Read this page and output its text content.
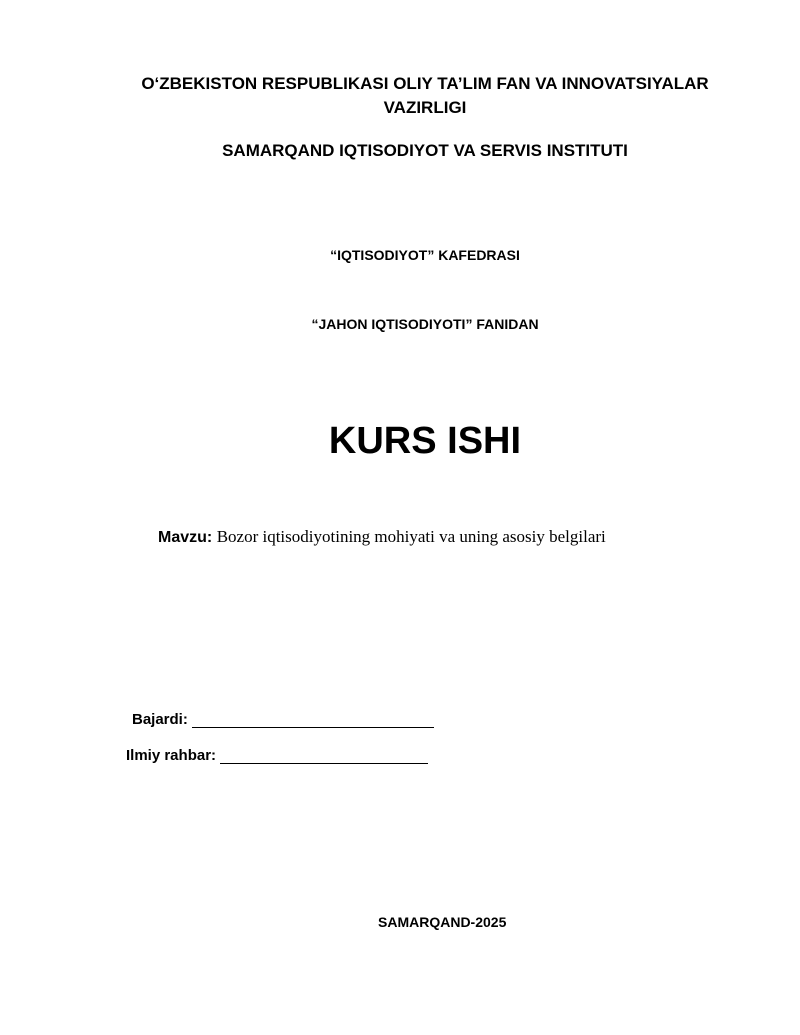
O‘ZBEKISTON RESPUBLIKASI OLIY TA’LIM FAN VA INNOVATSIYALAR VAZIRLIGI
SAMARQAND IQTISODIYOT VA SERVIS INSTITUTI
“IQTISODIYOT” KAFEDRASI
“JAHON IQTISODIYOTI” FANIDAN
KURS ISHI
Mavzu: Bozor iqtisodiyotining mohiyati va uning asosiy belgilari
Bajardi:
Ilmiy rahbar:
SAMARQAND-2025
